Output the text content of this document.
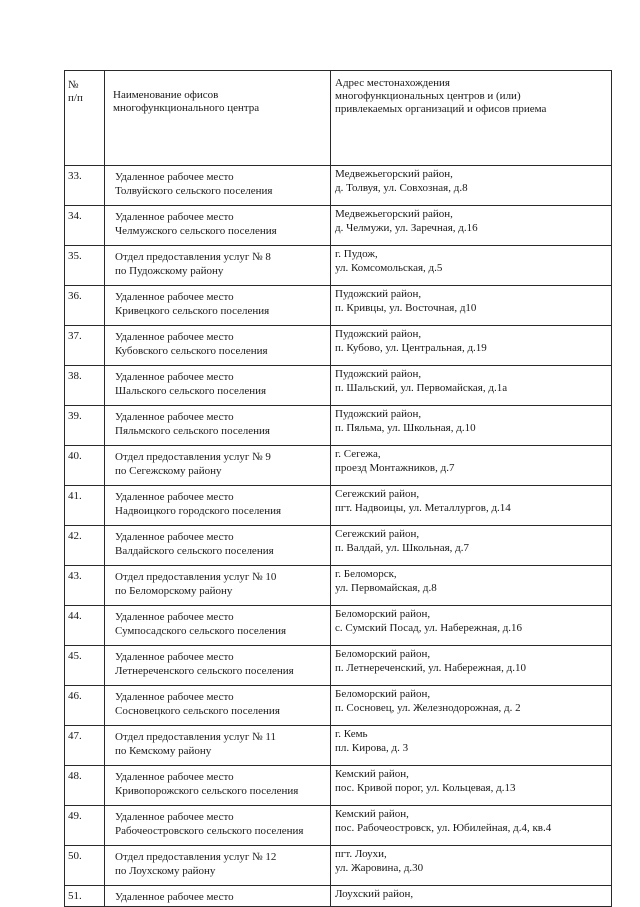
№
п/п	Наименование офисов
многофункционального центра	Адрес местонахождения
многофункциональных центров и (или)
привлекаемых организаций и офисов приема

33.	Удаленное рабочее место
Толвуйского сельского поселения	Медвежьегорский район,
д. Толвуя, ул. Совхозная, д.8

34.	Удаленное рабочее место
Челмужского сельского поселения	Медвежьегорский район,
д. Челмужи, ул. Заречная, д.16

35.	Отдел предоставления услуг № 8
по Пудожскому району	г. Пудож,
ул. Комсомольская, д.5

36.	Удаленное рабочее место
Кривецкого сельского поселения	Пудожский район,
п. Кривцы, ул. Восточная, д10

37.	Удаленное рабочее место
Кубовского сельского поселения	Пудожский район,
п. Кубово, ул. Центральная, д.19

38.	Удаленное рабочее место
Шальского сельского поселения	Пудожский район,
п. Шальский, ул. Первомайская, д.1а

39.	Удаленное рабочее место
Пяльмского сельского поселения	Пудожский район,
п. Пяльма, ул. Школьная, д.10

40.	Отдел предоставления услуг № 9
по Сегежскому району	г. Сегежа,
проезд Монтажников, д.7

41.	Удаленное рабочее место
Надвоицкого городского поселения	Сегежский район,
пгт. Надвоицы, ул. Металлургов, д.14

42.	Удаленное рабочее место
Валдайского сельского поселения	Сегежский район,
п. Валдай, ул. Школьная, д.7

43.	Отдел предоставления услуг № 10
по Беломорскому району	г. Беломорск,
ул. Первомайская, д.8

44.	Удаленное рабочее место
Сумпосадского сельского поселения	Беломорский район,
с. Сумский Посад, ул. Набережная, д.16

45.	Удаленное рабочее место
Летнереченского сельского поселения	Беломорский район,
п. Летнереченский, ул. Набережная, д.10

46.	Удаленное рабочее место
Сосновецкого сельского поселения	Беломорский район,
п. Сосновец, ул. Железнодорожная, д. 2

47.	Отдел предоставления услуг № 11
по Кемскому району	г. Кемь
пл. Кирова, д. 3

48.	Удаленное рабочее место
Кривопорожского сельского поселения	Кемский район,
пос. Кривой порог, ул. Кольцевая, д.13

49.	Удаленное рабочее место
Рабочеостровского сельского поселения	Кемский район,
пос. Рабочеостровск, ул. Юбилейная, д.4, кв.4

50.	Отдел предоставления услуг № 12
по Лоухскому району	пгт. Лоухи,
ул. Жаровина, д.30

51.	Удаленное рабочее место	Лоухский район,
